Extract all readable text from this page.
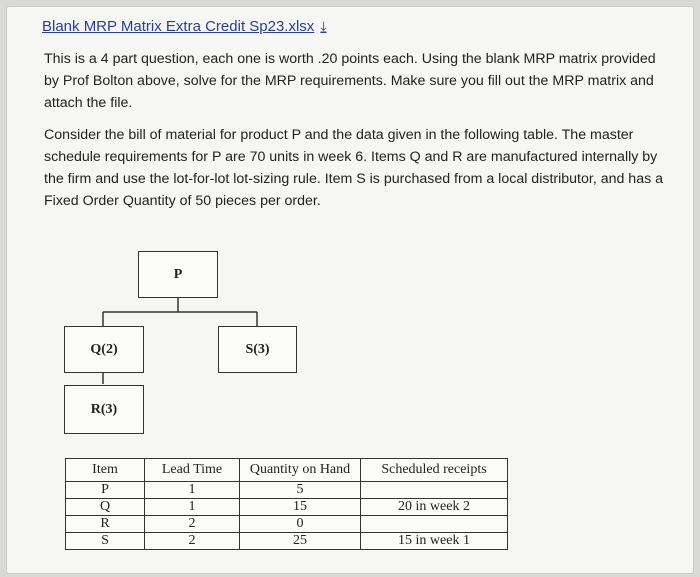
Blank MRP Matrix Extra Credit Sp23.xlsx ⤓
This is a 4 part question, each one is worth .20 points each. Using the blank MRP matrix provided by Prof Bolton above, solve for the MRP requirements. Make sure you fill out the MRP matrix and attach the file.
Consider the bill of material for product P and the data given in the following table. The master schedule requirements for P are 70 units in week 6. Items Q and R are manufactured internally by the firm and use the lot-for-lot lot-sizing rule. Item S is purchased from a local distributor, and has a Fixed Order Quantity of 50 pieces per order.
P
Q(2)	S(3)
R(3)
Item	Lead Time	Quantity on Hand	Scheduled receipts
P	1	5	
Q	1	15	20 in week 2
R	2	0	
S	2	25	15 in week 1
